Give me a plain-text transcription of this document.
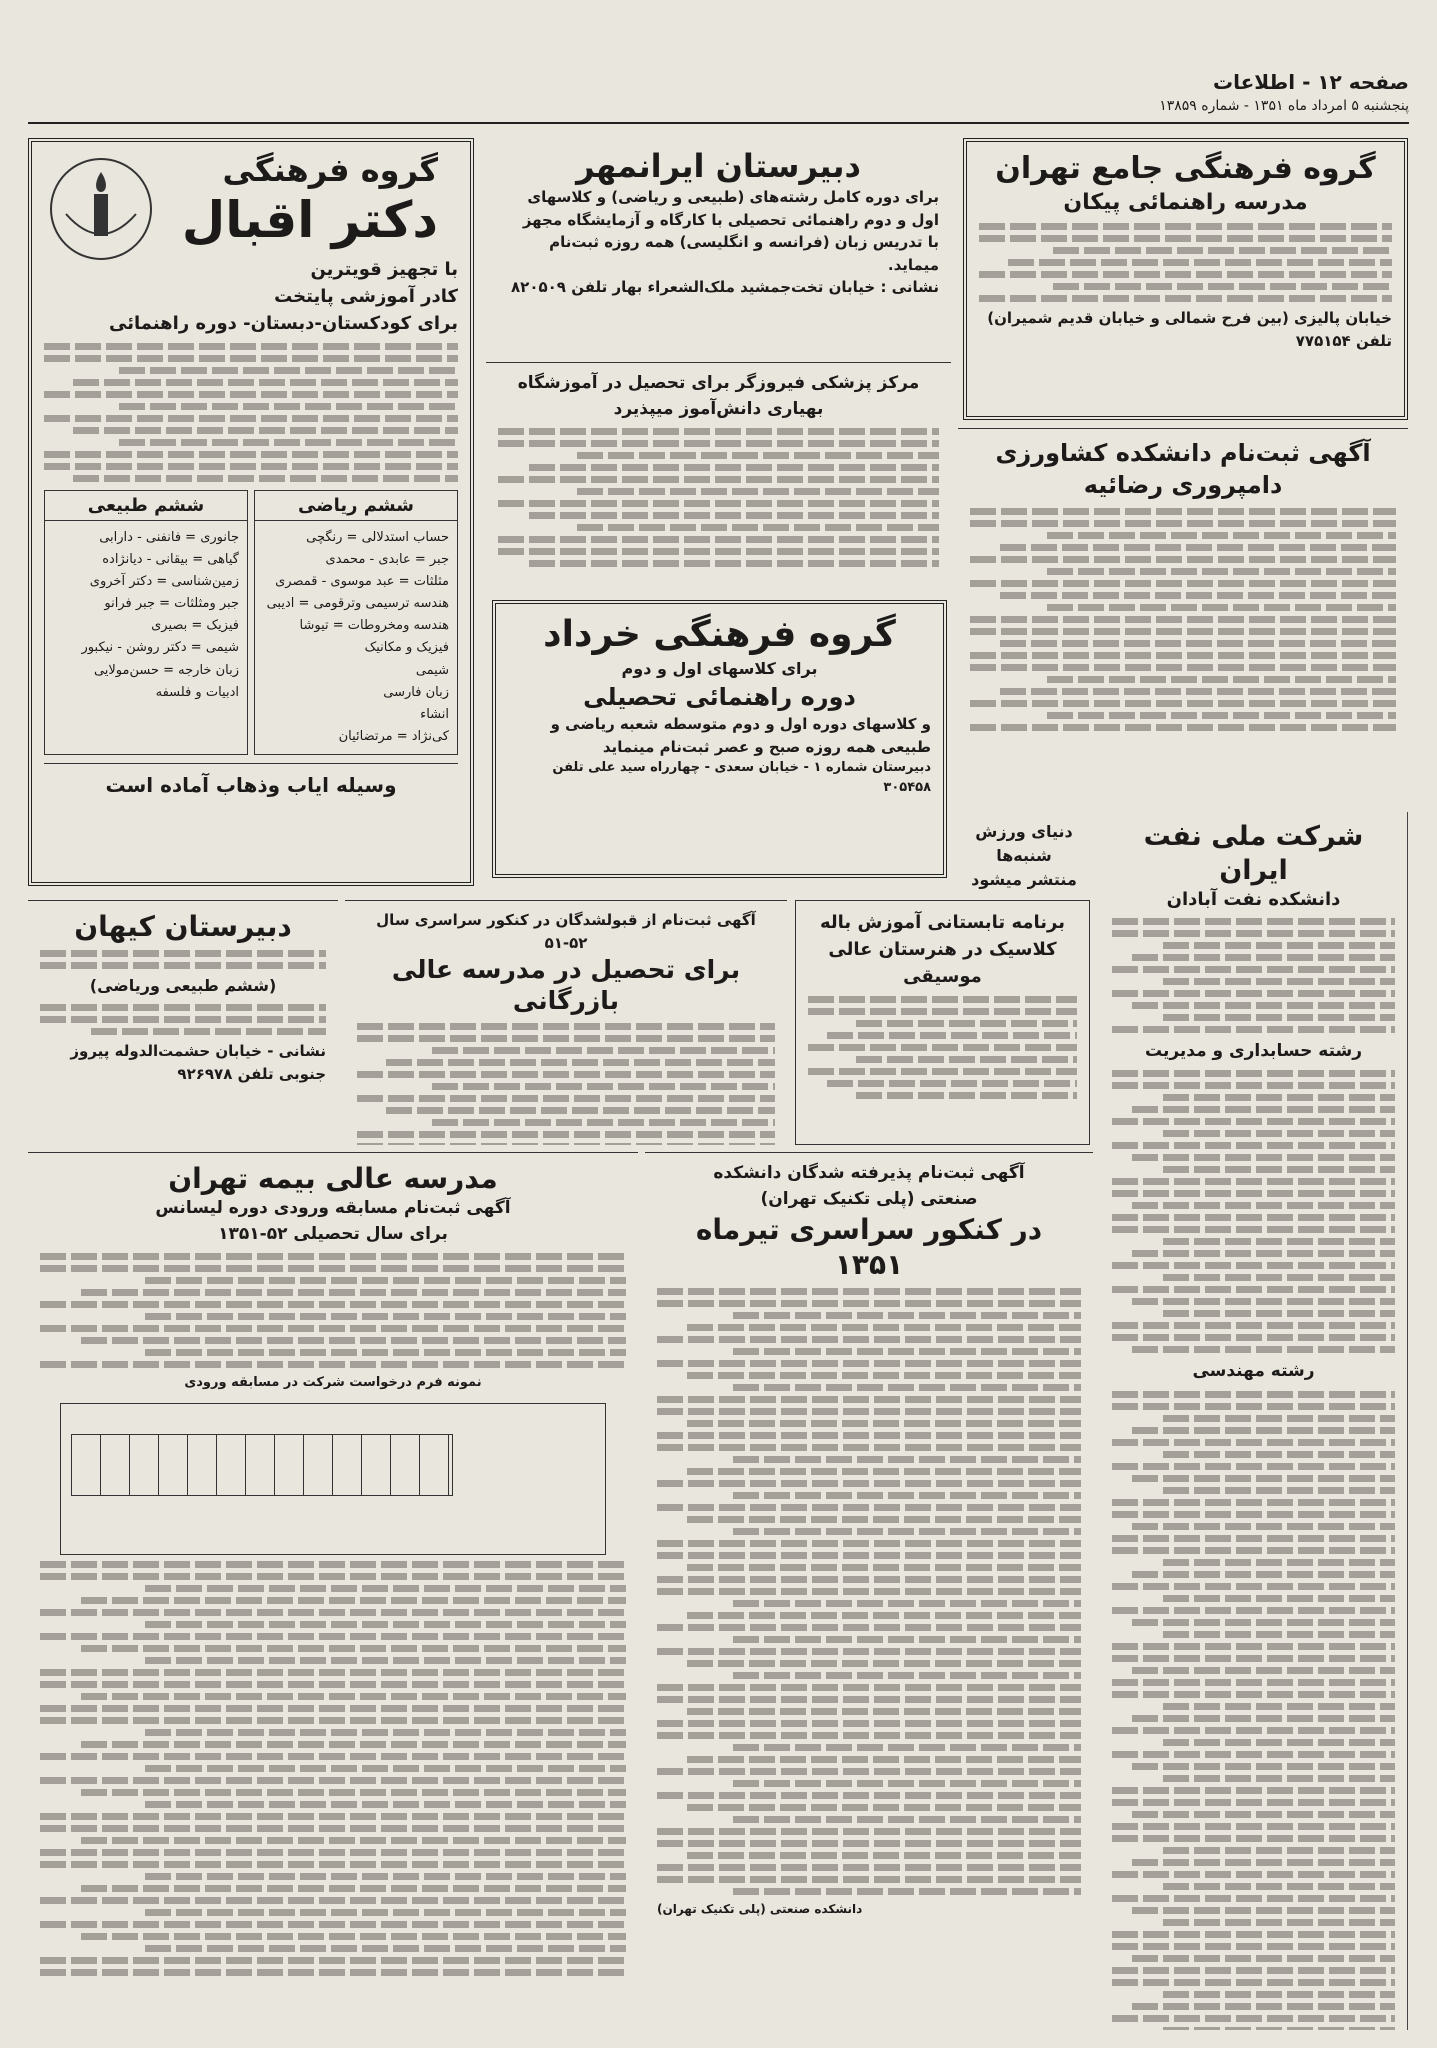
صفحه ۱۲ - اطلاعات
پنجشنبه ۵ امرداد ماه ۱۳۵۱ - شماره ۱۳۸۵۹
گروه فرهنگی جامع تهران
مدرسه راهنمائی پیکان
خیابان پالیزی (بین فرح شمالی و خیابان قدیم شمیران) تلفن ۷۷۵۱۵۴
آگهی ثبت‌نام دانشکده کشاورزی
دامپروری رضائیه
دنیای ورزش
شنبه‌ها
منتشر میشود
شرکت ملی نفت ایران
دانشکده نفت آبادان
رشته حسابداری و مدیریت
رشته مهندسی
دبیرستان ایرانمهر
برای دوره کامل رشته‌های (طبیعی و ریاضی) و کلاسهای
اول و دوم راهنمائی تحصیلی با کارگاه و آزمایشگاه مجهز
با تدریس زبان (فرانسه و انگلیسی) همه روزه ثبت‌نام میماید.
نشانی : خیابان تخت‌جمشید ملک‌الشعراء بهار تلفن ۸۲۰۵۰۹
مرکز پزشکی فیروزگر برای تحصیل در آموزشگاه بهیاری دانش‌آموز میپذیرد
گروه فرهنگی خرداد
برای کلاسهای اول و دوم
دوره راهنمائی تحصیلی
و کلاسهای دوره اول و دوم متوسطه شعبه ریاضی و طبیعی همه روزه صبح و عصر ثبت‌نام مینماید
دبیرستان شماره ۱ - خیابان سعدی - چهارراه سید علی تلفن ۳۰۵۴۵۸
گروه فرهنگی
دکتر اقبال
با تجهیز قویترین
کادر آموزشی پایتخت
برای کودکستان-دبستان- دوره راهنمائی
ششم ریاضی
حساب استدلالی = رنگچی
جبر = عابدی - محمدی
مثلثات = عبد موسوی - قمصری
هندسه ترسیمی وترقومی = ادیبی
هندسه ومخروطات = تیوشا
فیزیک و مکانیک
شیمی
زبان فارسی
انشاء
کی‌نژاد = مرتضائیان
ششم طبیعی
جانوری = فانفنی - دارابی
گیاهی = بیقانی - دیانژاده
زمین‌شناسی = دکتر آخروی
جبر ومثلثات = جبر فرانو
فیزیک = بصیری
شیمی = دکتر روشن - نیکبور
زبان خارجه = حسن‌مولایی
ادبیات و فلسفه
وسیله ایاب وذهاب آماده است
دبیرستان کیهان
(ششم طبیعی وریاضی)
نشانی - خیابان حشمت‌الدوله پیروز جنوبی تلفن ۹۲۶۹۷۸
آگهی ثبت‌نام از قبولشدگان در کنکور سراسری سال ۵۲-۵۱
برای تحصیل در مدرسه عالی بازرگانی
برنامه تابستانی آموزش باله
کلاسیک در هنرستان عالی
موسیقی
مدرسه عالی بیمه تهران
آگهی ثبت‌نام مسابقه ورودی دوره لیسانس
برای سال تحصیلی ۵۲-۱۳۵۱
نمونه فرم درخواست شرکت در مسابقه ورودی
آگهی ثبت‌نام پذیرفته شدگان دانشکده
صنعتی (پلی تکنیک تهران)
در کنکور سراسری تیرماه ۱۳۵۱
دانشکده صنعتی (پلی تکنیک تهران)
